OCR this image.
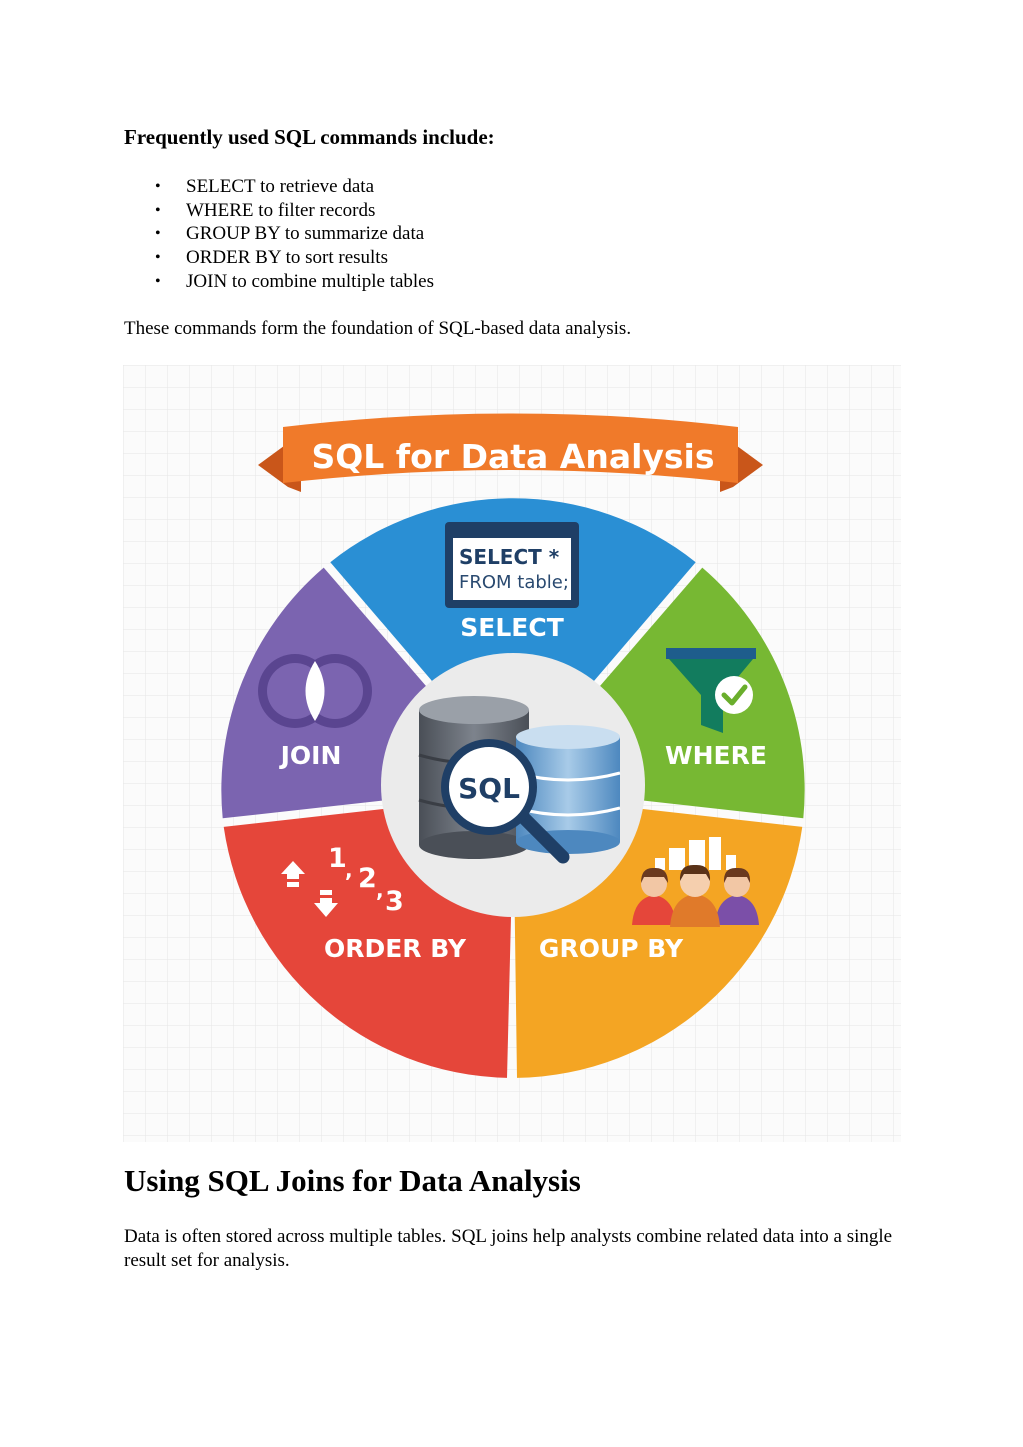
Frequently used SQL commands include:

• SELECT to retrieve data
• WHERE to filter records
• GROUP BY to summarize data
• ORDER BY to sort results
• JOIN to combine multiple tables

These commands form the foundation of SQL-based data analysis.

SQL for Data Analysis
SELECT *
FROM table;
SELECT
WHERE
GROUP BY
1
, 2 , 3
ORDER BY
JOIN
SQL
Using SQL Joins for Data Analysis

Data is often stored across multiple tables. SQL joins help analysts combine related data into a single result set for analysis.
